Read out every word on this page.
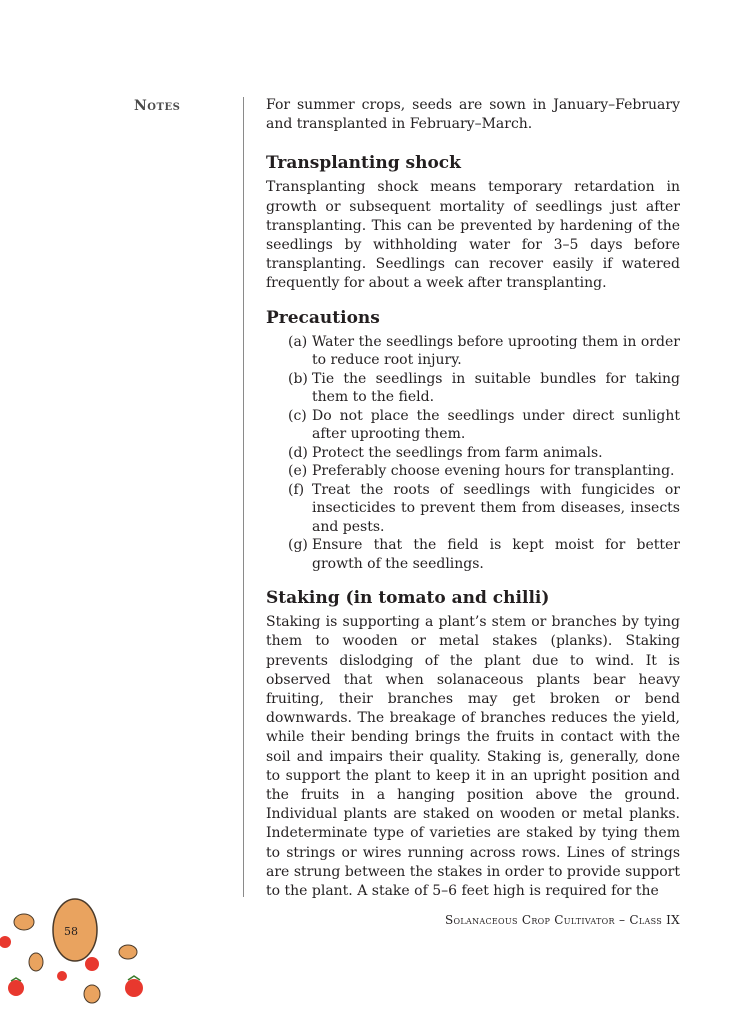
Notes	For summer crops, seeds are sown in January–February and transplanted in February–March.

Transplanting shock

Transplanting shock means temporary retardation in growth or subsequent mortality of seedlings just after transplanting. This can be prevented by hardening of the seedlings by withholding water for 3–5 days before transplanting. Seedlings can recover easily if watered frequently for about a week after transplanting.

Precautions
(a) Water the seedlings before uprooting them in order to reduce root injury.
(b) Tie the seedlings in suitable bundles for taking them to the field.
(c) Do not place the seedlings under direct sunlight after uprooting them.
(d) Protect the seedlings from farm animals.
(e) Preferably choose evening hours for transplanting.
(f) Treat the roots of seedlings with fungicides or insecticides to prevent them from diseases, insects and pests.
(g) Ensure that the field is kept moist for better growth of the seedlings.
Staking (in tomato and chilli)

Staking is supporting a plant’s stem or branches by tying them to wooden or metal stakes (planks). Staking prevents dislodging of the plant due to wind. It is observed that when solanaceous plants bear heavy fruiting, their branches may get broken or bend downwards. The breakage of branches reduces the yield, while their bending brings the fruits in contact with the soil and impairs their quality. Staking is, generally, done to support the plant to keep it in an upright position and the fruits in a hanging position above the ground. Individual plants are staked on wooden or metal planks. Indeterminate type of varieties are staked by tying them to strings or wires running across rows. Lines of strings are strung between the stakes in order to provide support to the plant. A stake of 5–6 feet high is required for the

Solanaceous Crop Cultivator – Class IX
58
